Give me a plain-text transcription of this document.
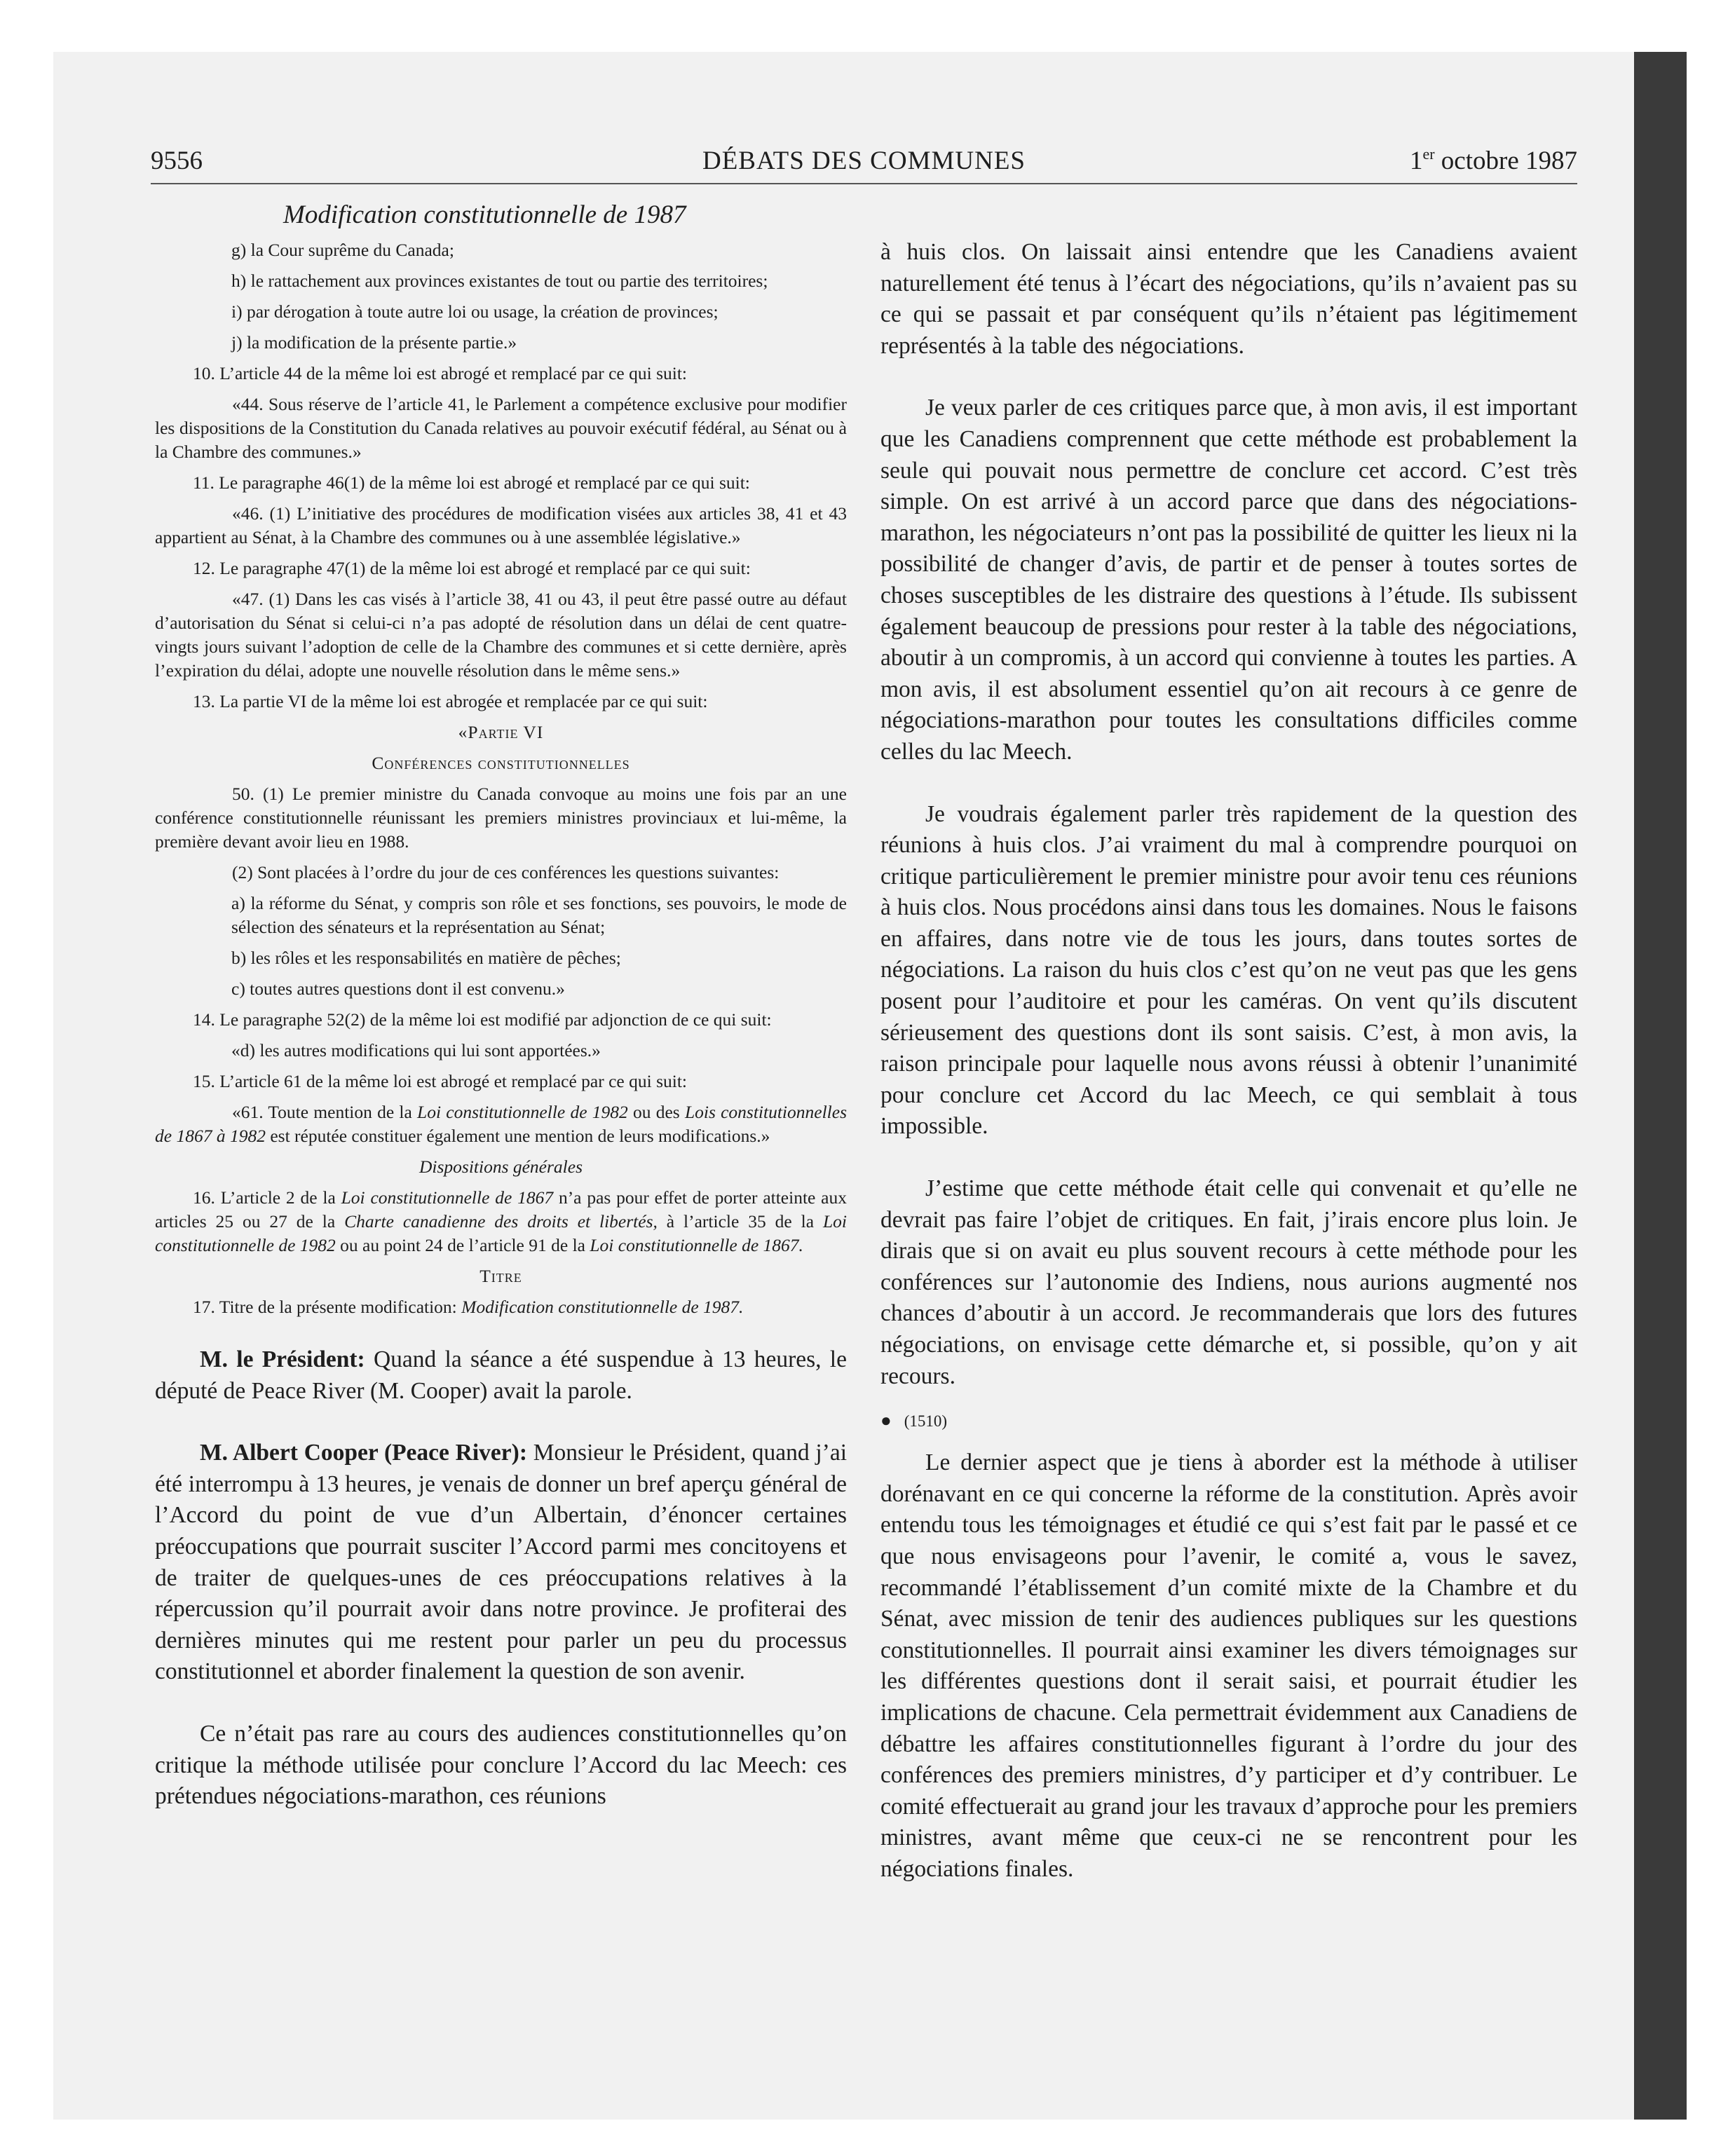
9556	DÉBATS DES COMMUNES	1er octobre 1987
Modification constitutionnelle de 1987

g) la Cour suprême du Canada;

h) le rattachement aux provinces existantes de tout ou partie des territoires;

i) par dérogation à toute autre loi ou usage, la création de provinces;

j) la modification de la présente partie.»

10. L’article 44 de la même loi est abrogé et remplacé par ce qui suit:

«44. Sous réserve de l’article 41, le Parlement a compétence exclusive pour modifier les dispositions de la Constitution du Canada relatives au pouvoir exécutif fédéral, au Sénat ou à la Chambre des communes.»

11. Le paragraphe 46(1) de la même loi est abrogé et remplacé par ce qui suit:

«46. (1) L’initiative des procédures de modification visées aux articles 38, 41 et 43 appartient au Sénat, à la Chambre des communes ou à une assemblée législative.»

12. Le paragraphe 47(1) de la même loi est abrogé et remplacé par ce qui suit:

«47. (1) Dans les cas visés à l’article 38, 41 ou 43, il peut être passé outre au défaut d’autorisation du Sénat si celui-ci n’a pas adopté de résolution dans un délai de cent quatre-vingts jours suivant l’adoption de celle de la Chambre des communes et si cette dernière, après l’expiration du délai, adopte une nouvelle résolution dans le même sens.»

13. La partie VI de la même loi est abrogée et remplacée par ce qui suit:

«Partie VI

Conférences constitutionnelles

50. (1) Le premier ministre du Canada convoque au moins une fois par an une conférence constitutionnelle réunissant les premiers ministres provinciaux et lui-même, la première devant avoir lieu en 1988.

(2) Sont placées à l’ordre du jour de ces conférences les questions suivantes:

a) la réforme du Sénat, y compris son rôle et ses fonctions, ses pouvoirs, le mode de sélection des sénateurs et la représentation au Sénat;

b) les rôles et les responsabilités en matière de pêches;

c) toutes autres questions dont il est convenu.»

14. Le paragraphe 52(2) de la même loi est modifié par adjonction de ce qui suit:

«d) les autres modifications qui lui sont apportées.»

15. L’article 61 de la même loi est abrogé et remplacé par ce qui suit:

«61. Toute mention de la Loi constitutionnelle de 1982 ou des Lois constitutionnelles de 1867 à 1982 est réputée constituer également une mention de leurs modifications.»

Dispositions générales

16. L’article 2 de la Loi constitutionnelle de 1867 n’a pas pour effet de porter atteinte aux articles 25 ou 27 de la Charte canadienne des droits et libertés, à l’article 35 de la Loi constitutionnelle de 1982 ou au point 24 de l’article 91 de la Loi constitutionnelle de 1867.

Titre

17. Titre de la présente modification: Modification constitutionnelle de 1987.

M. le Président: Quand la séance a été suspendue à 13 heures, le député de Peace River (M. Cooper) avait la parole.

M. Albert Cooper (Peace River): Monsieur le Président, quand j’ai été interrompu à 13 heures, je venais de donner un bref aperçu général de l’Accord du point de vue d’un Albertain, d’énoncer certaines préoccupations que pourrait susciter l’Accord parmi mes concitoyens et de traiter de quelques-unes de ces préoccupations relatives à la répercussion qu’il pourrait avoir dans notre province. Je profiterai des dernières minutes qui me restent pour parler un peu du processus constitutionnel et aborder finalement la question de son avenir.

Ce n’était pas rare au cours des audiences constitutionnelles qu’on critique la méthode utilisée pour conclure l’Accord du lac Meech: ces prétendues négociations-marathon, ces réunions

à huis clos. On laissait ainsi entendre que les Canadiens avaient naturellement été tenus à l’écart des négociations, qu’ils n’avaient pas su ce qui se passait et par conséquent qu’ils n’étaient pas légitimement représentés à la table des négociations.

Je veux parler de ces critiques parce que, à mon avis, il est important que les Canadiens comprennent que cette méthode est probablement la seule qui pouvait nous permettre de conclure cet accord. C’est très simple. On est arrivé à un accord parce que dans des négociations-marathon, les négociateurs n’ont pas la possibilité de quitter les lieux ni la possibilité de changer d’avis, de partir et de penser à toutes sortes de choses susceptibles de les distraire des questions à l’étude. Ils subissent également beaucoup de pressions pour rester à la table des négociations, aboutir à un compromis, à un accord qui convienne à toutes les parties. A mon avis, il est absolument essentiel qu’on ait recours à ce genre de négociations-marathon pour toutes les consultations difficiles comme celles du lac Meech.

Je voudrais également parler très rapidement de la question des réunions à huis clos. J’ai vraiment du mal à comprendre pourquoi on critique particulièrement le premier ministre pour avoir tenu ces réunions à huis clos. Nous procédons ainsi dans tous les domaines. Nous le faisons en affaires, dans notre vie de tous les jours, dans toutes sortes de négociations. La raison du huis clos c’est qu’on ne veut pas que les gens posent pour l’auditoire et pour les caméras. On vent qu’ils discutent sérieusement des questions dont ils sont saisis. C’est, à mon avis, la raison principale pour laquelle nous avons réussi à obtenir l’unanimité pour conclure cet Accord du lac Meech, ce qui semblait à tous impossible.

J’estime que cette méthode était celle qui convenait et qu’elle ne devrait pas faire l’objet de critiques. En fait, j’irais encore plus loin. Je dirais que si on avait eu plus souvent recours à cette méthode pour les conférences sur l’autonomie des Indiens, nous aurions augmenté nos chances d’aboutir à un accord. Je recommanderais que lors des futures négociations, on envisage cette démarche et, si possible, qu’on y ait recours.

● (1510)

Le dernier aspect que je tiens à aborder est la méthode à utiliser dorénavant en ce qui concerne la réforme de la constitution. Après avoir entendu tous les témoignages et étudié ce qui s’est fait par le passé et ce que nous envisageons pour l’avenir, le comité a, vous le savez, recommandé l’établissement d’un comité mixte de la Chambre et du Sénat, avec mission de tenir des audiences publiques sur les questions constitutionnelles. Il pourrait ainsi examiner les divers témoignages sur les différentes questions dont il serait saisi, et pourrait étudier les implications de chacune. Cela permettrait évidemment aux Canadiens de débattre les affaires constitutionnelles figurant à l’ordre du jour des conférences des premiers ministres, d’y participer et d’y contribuer. Le comité effectuerait au grand jour les travaux d’approche pour les premiers ministres, avant même que ceux-ci ne se rencontrent pour les négociations finales.
